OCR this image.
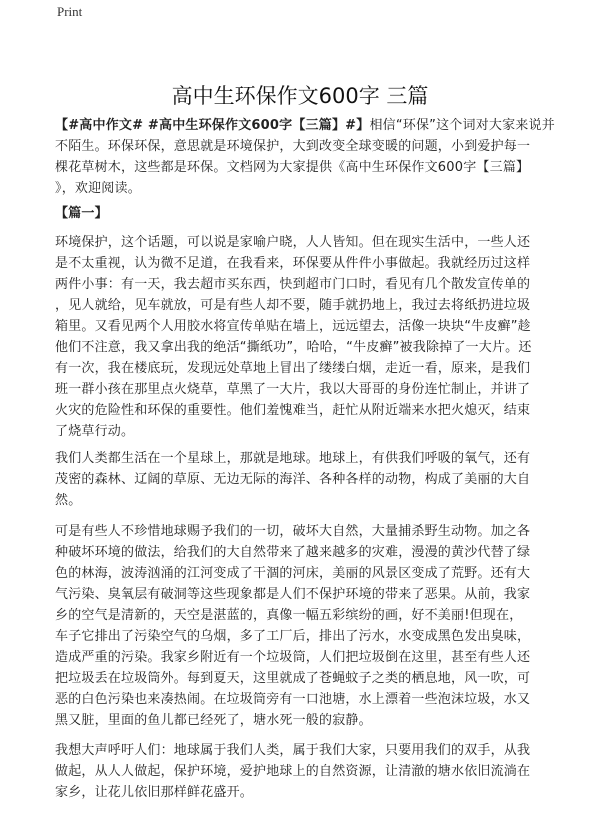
Print
高中生环保作文600字 三篇
【#高中作文# #高中生环保作文600字【三篇】#】相信“环保”这个词对大家来说并
不陌生。环保环保，意思就是环境保护，大到改变全球变暖的问题，小到爱护每一
棵花草树木，这些都是环保。文档网为大家提供《高中生环保作文600字【三篇】
》，欢迎阅读。
【篇一】
环境保护，这个话题，可以说是家喻户晓，人人皆知。但在现实生活中，一些人还
是不太重视，认为微不足道，在我看来，环保要从件件小事做起。我就经历过这样
两件小事：有一天，我去超市买东西，快到超市门口时，看见有几个散发宣传单的
，见人就给，见车就放，可是有些人却不要，随手就扔地上，我过去将纸扔进垃圾
箱里。又看见两个人用胶水将宣传单贴在墙上，远远望去，活像一块块“牛皮癣”趁
他们不注意，我又拿出我的绝活“撕纸功”，哈哈，“牛皮癣”被我除掉了一大片。还
有一次，我在楼底玩，发现远处草地上冒出了缕缕白烟，走近一看，原来，是我们
班一群小孩在那里点火烧草，草黑了一大片，我以大哥哥的身份连忙制止，并讲了
火灾的危险性和环保的重要性。他们羞愧难当，赶忙从附近端来水把火熄灭，结束
了烧草行动。
我们人类都生活在一个星球上，那就是地球。地球上，有供我们呼吸的氧气，还有
茂密的森林、辽阔的草原、无边无际的海洋、各种各样的动物，构成了美丽的大自
然。
可是有些人不珍惜地球赐予我们的一切，破坏大自然，大量捕杀野生动物。加之各
种破坏环境的做法，给我们的大自然带来了越来越多的灾难，漫漫的黄沙代替了绿
色的林海，波涛汹涌的江河变成了干涸的河床，美丽的风景区变成了荒野。还有大
气污染、臭氧层有破洞等这些现象都是人们不保护环境的带来了恶果。从前，我家
乡的空气是清新的，天空是湛蓝的，真像一幅五彩缤纷的画，好不美丽!但现在，
车子它排出了污染空气的乌烟，多了工厂后，排出了污水，水变成黑色发出臭味，
造成严重的污染。我家乡附近有一个垃圾筒，人们把垃圾倒在这里，甚至有些人还
把垃圾丢在垃圾筒外。每到夏天，这里就成了苍蝇蚊子之类的栖息地，风一吹，可
恶的白色污染也来凑热闹。在垃圾筒旁有一口池塘，水上漂着一些泡沫垃圾，水又
黑又脏，里面的鱼儿都已经死了，塘水死一般的寂静。
我想大声呼吁人们：地球属于我们人类，属于我们大家，只要用我们的双手，从我
做起，从人人做起，保护环境，爱护地球上的自然资源，让清澈的塘水依旧流淌在
家乡，让花儿依旧那样鲜花盛开。
